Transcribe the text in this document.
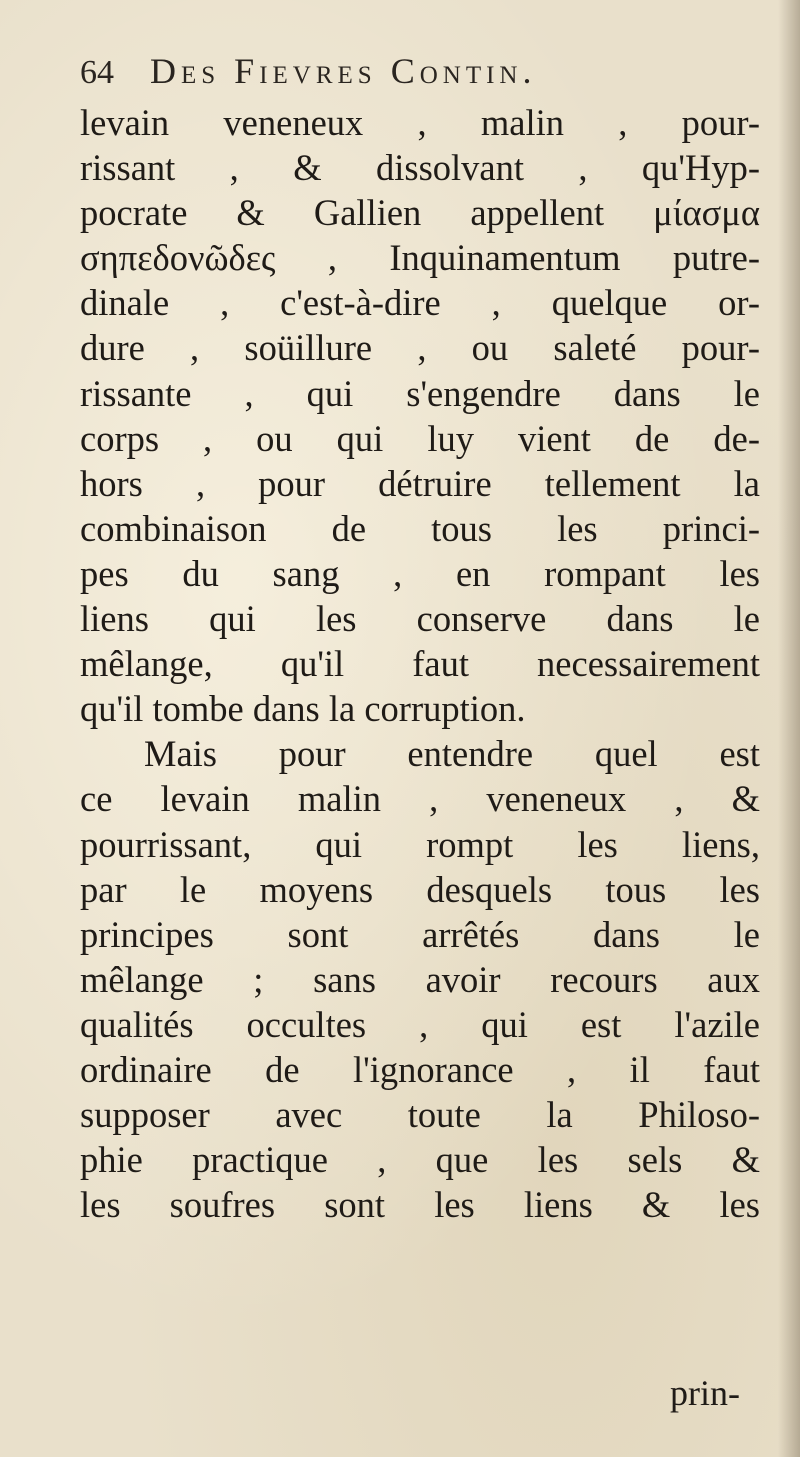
64 Des Fievres Contin.
levain veneneux , malin , pour-
rissant , & dissolvant , qu'Hyp-
pocrate & Gallien appellent μίασμα
σηπεδονῶδες , Inquinamentum putre-
dinale , c'est-à-dire , quelque or-
dure , soüillure , ou saleté pour-
rissante , qui s'engendre dans le
corps , ou qui luy vient de de-
hors , pour détruire tellement la
combinaison de tous les princi-
pes du sang , en rompant les
liens qui les conserve dans le
mêlange, qu'il faut necessairement
qu'il tombe dans la corruption.
Mais pour entendre quel est
ce levain malin , veneneux , &
pourrissant, qui rompt les liens,
par le moyens desquels tous les
principes sont arrêtés dans le
mêlange ; sans avoir recours aux
qualités occultes , qui est l'azile
ordinaire de l'ignorance , il faut
supposer avec toute la Philoso-
phie practique , que les sels &
les soufres sont les liens & les
prin-
